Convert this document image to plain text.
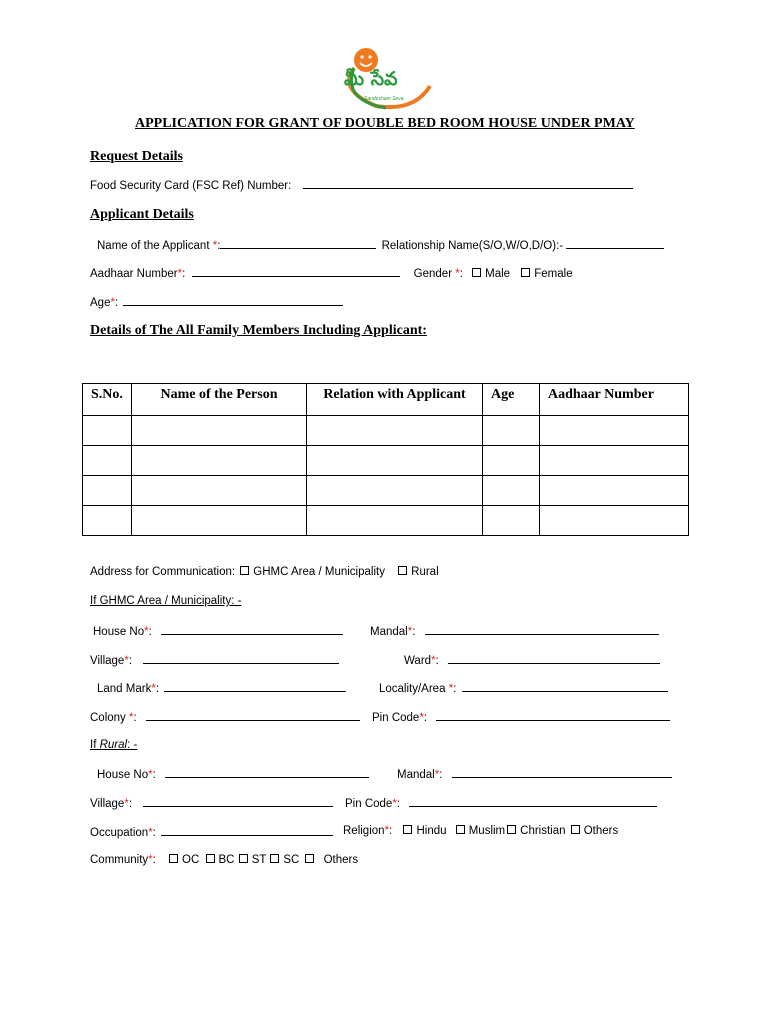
మీ సేవ
Sandesham Seva
APPLICATION FOR GRANT OF DOUBLE BED ROOM HOUSE UNDER PMAY
Request Details
Food Security Card (FSC Ref) Number:
Applicant Details
Name of the Applicant *:	Relationship Name(S/O,W/O,D/O):-
Aadhaar Number*:	Gender *: Male Female
Age*:
Details of The All Family Members Including Applicant:
S.No.	Name of the Person	Relation with Applicant	Age	Aadhaar Number

Address for Communication: GHMC Area / Municipality Rural
If GHMC Area / Municipality: -
House No*:	Mandal*:
Village*:	Ward*:
Land Mark*:	Locality/Area *:
Colony *:	Pin Code*:
If Rural: -
House No*:	Mandal*:
Village*:	Pin Code*:
Occupation*:	Religion*: Hindu Muslim Christian Others
Community*: OC BC ST SC Others
